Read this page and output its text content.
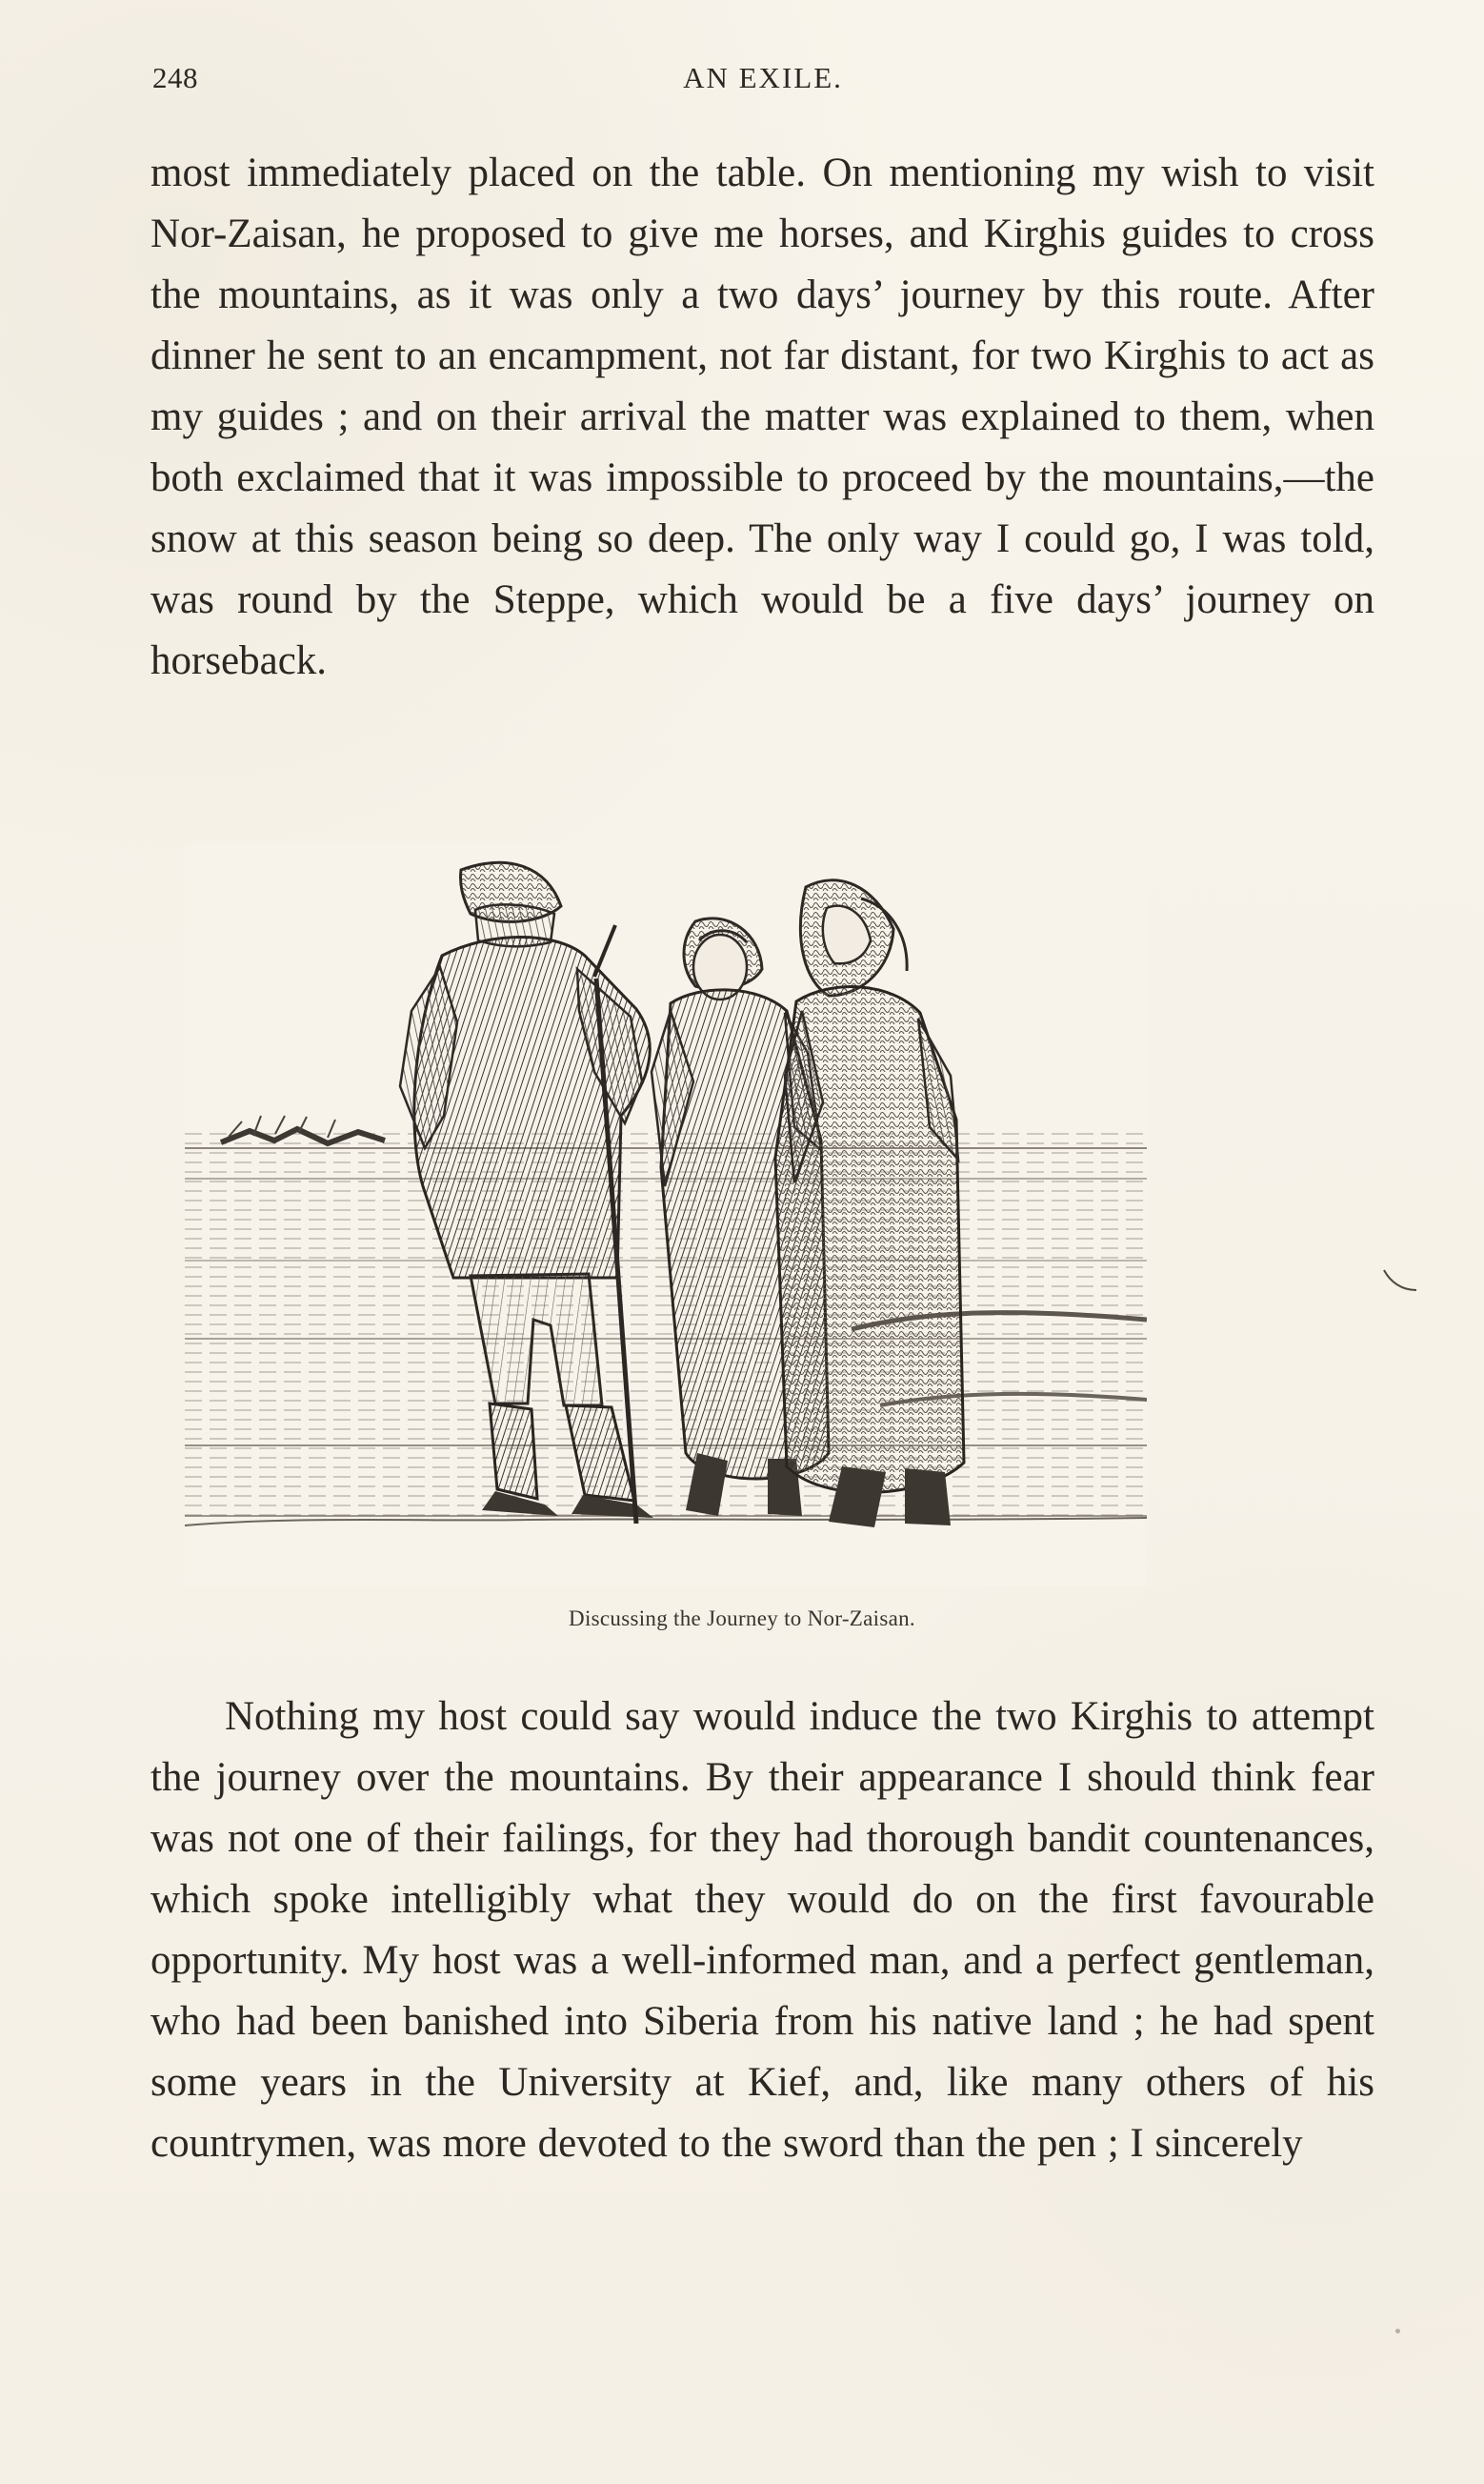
248	AN EXILE.

most immediately placed on the table. On mentioning my wish to visit Nor-Zaisan, he proposed to give me horses, and Kirghis guides to cross the mountains, as it was only a two days’ journey by this route. After dinner he sent to an encampment, not far distant, for two Kirghis to act as my guides ; and on their arrival the matter was explained to them, when both exclaimed that it was impossible to proceed by the mountains,—the snow at this season being so deep. The only way I could go, I was told, was round by the Steppe, which would be a five days’ journey on horseback.

Discussing the Journey to Nor-Zaisan.

Nothing my host could say would induce the two Kirghis to attempt the journey over the mountains. By their appearance I should think fear was not one of their failings, for they had thorough bandit countenances, which spoke intelligibly what they would do on the first favourable opportunity. My host was a well-informed man, and a perfect gentleman, who had been banished into Siberia from his native land ; he had spent some years in the University at Kief, and, like many others of his countrymen, was more devoted to the sword than the pen ; I sincerely
